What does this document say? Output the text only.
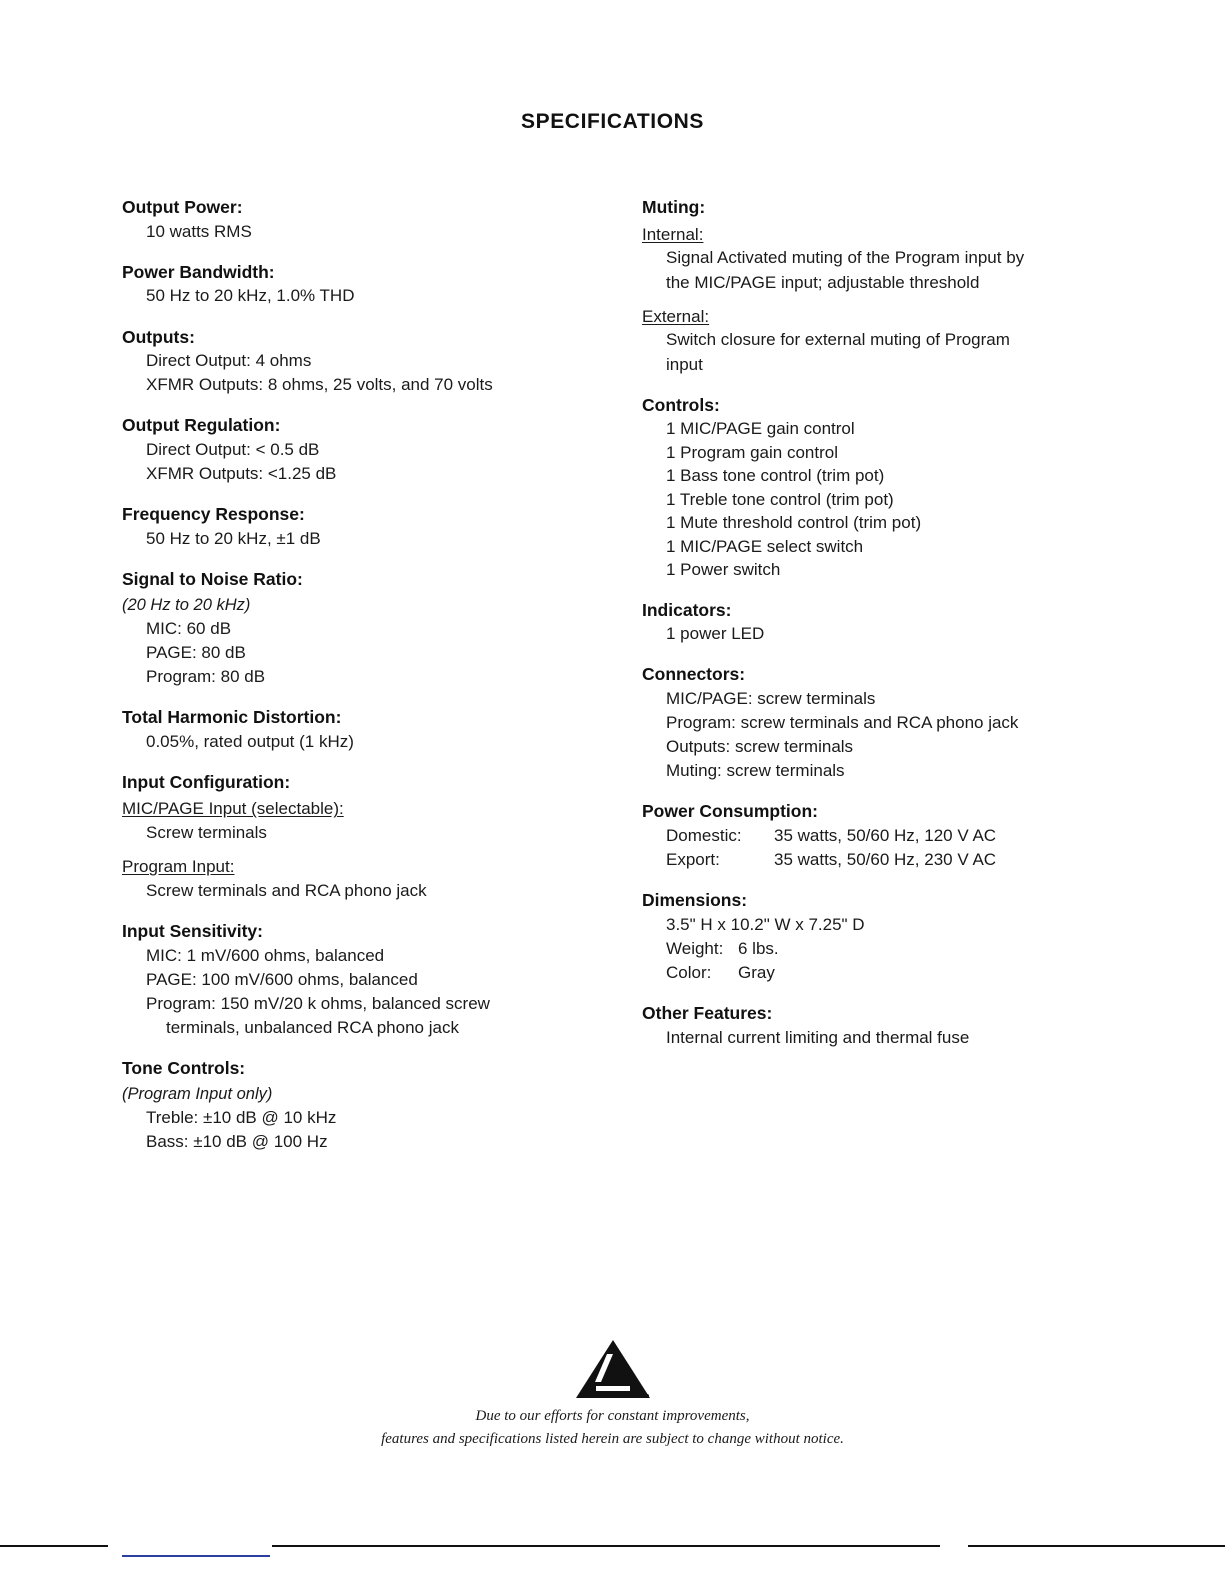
SPECIFICATIONS
Output Power:
10 watts RMS
Power Bandwidth:
50 Hz to 20 kHz, 1.0% THD
Outputs:
Direct Output: 4 ohms
XFMR Outputs: 8 ohms, 25 volts, and 70 volts
Output Regulation:
Direct Output: < 0.5 dB
XFMR Outputs: <1.25 dB
Frequency Response:
50 Hz to 20 kHz, ±1 dB
Signal to Noise Ratio:
(20 Hz to 20 kHz)
MIC: 60 dB
PAGE: 80 dB
Program: 80 dB
Total Harmonic Distortion:
0.05%, rated output (1 kHz)
Input Configuration:
MIC/PAGE Input (selectable):
Screw terminals
Program Input:
Screw terminals and RCA phono jack
Input Sensitivity:
MIC: 1 mV/600 ohms, balanced
PAGE: 100 mV/600 ohms, balanced
Program: 150 mV/20 k ohms, balanced screw
terminals, unbalanced RCA phono jack
Tone Controls:
(Program Input only)
Treble: ±10 dB @ 10 kHz
Bass: ±10 dB @ 100 Hz
Muting:
Internal:
Signal Activated muting of the Program input by
the MIC/PAGE input; adjustable threshold
External:
Switch closure for external muting of Program
input
Controls:
1 MIC/PAGE gain control
1 Program gain control
1 Bass tone control (trim pot)
1 Treble tone control (trim pot)
1 Mute threshold control (trim pot)
1 MIC/PAGE select switch
1 Power switch
Indicators:
1 power LED
Connectors:
MIC/PAGE: screw terminals
Program: screw terminals and RCA phono jack
Outputs: screw terminals
Muting: screw terminals
Power Consumption:
Domestic:	35 watts, 50/60 Hz, 120 V AC
Export:	35 watts, 50/60 Hz, 230 V AC
Dimensions:
3.5" H x 10.2" W x 7.25" D
Weight: 6 lbs.
Color:	Gray
Other Features:
Internal current limiting and thermal fuse
Due to our efforts for constant improvements,
features and specifications listed herein are subject to change without notice.
